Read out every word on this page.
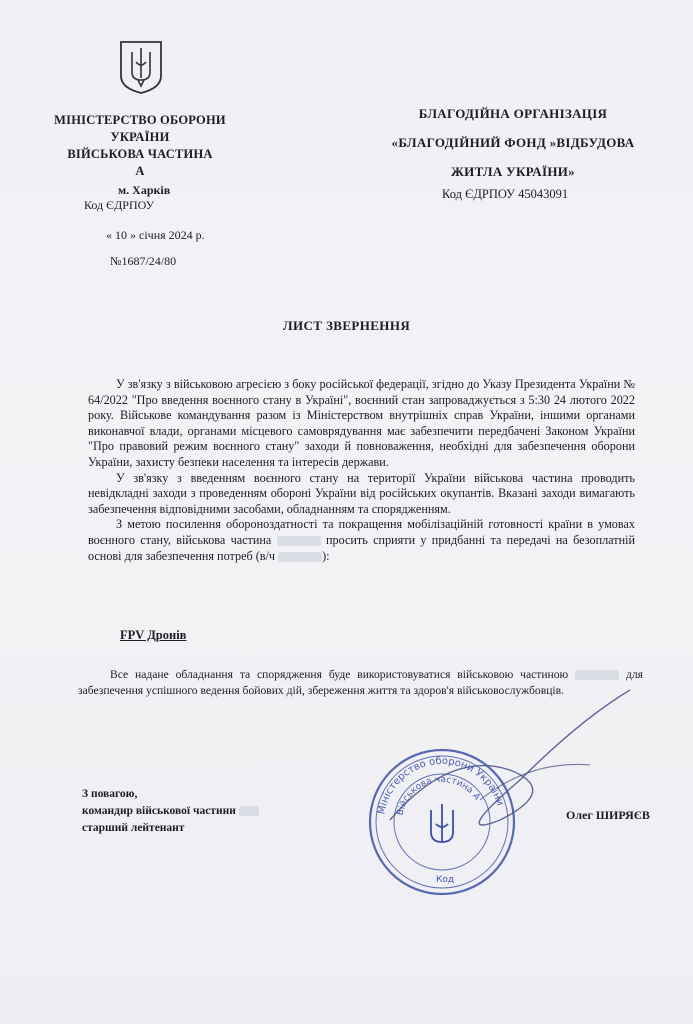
МІНІСТЕРСТВО ОБОРОНИ
УКРАЇНИ
ВІЙСЬКОВА ЧАСТИНА
А
м. Харків
Код ЄДРПОУ
« 10 » січня 2024 р.
№1687/24/80
БЛАГОДІЙНА ОРГАНІЗАЦІЯ
«БЛАГОДІЙНИЙ ФОНД »ВІДБУДОВА
ЖИТЛА УКРАЇНИ»
Код ЄДРПОУ 45043091
ЛИСТ ЗВЕРНЕННЯ

У зв'язку з військовою агресією з боку російської федерації, згідно до Указу Президента України № 64/2022 "Про введення воєнного стану в Україні", воєнний стан запроваджується з 5:30 24 лютого 2022 року. Військове командування разом із Міністерством внутрішніх справ України, іншими органами виконавчої влади, органами місцевого самоврядування має забезпечити передбачені Законом України "Про правовий режим воєнного стану" заходи й повноваження, необхідні для забезпечення оборони України, захисту безпеки населення та інтересів держави.

У зв'язку з введенням воєнного стану на території України військова частина проводить невідкладні заходи з проведенням обороні України від російських окупантів. Вказані заходи вимагають забезпечення відповідними засобами, обладнанням та спорядженням.

З метою посилення обороноздатності та покращення мобілізаційній готовності країни в умовах воєнного стану, військова частина	просить сприяти у придбанні та передачі на безоплатній основі для забезпечення потреб (в/ч	):

FPV Дронів

Все надане обладнання та спорядження буде використовуватися військовою частиною	для забезпечення успішного ведення бойових дій, збереження життя та здоров'я військовослужбовців.

З повагою,
командир військової частини
старший лейтенант
Олег ШИРЯЄВ
Міністерство оборони України
Військова частина А
Код
